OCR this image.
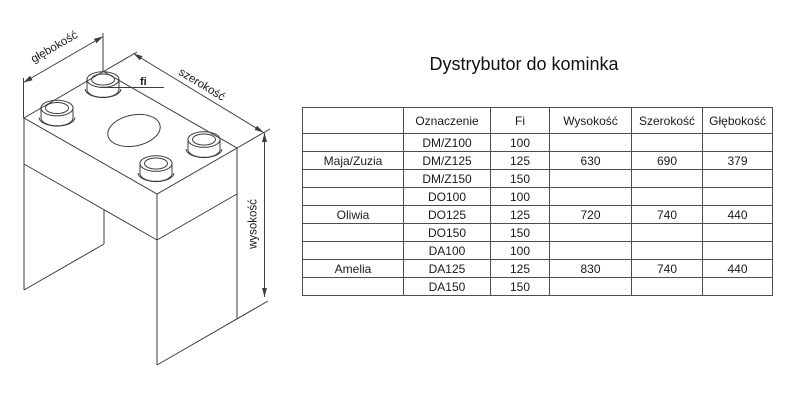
głębokość
szerokość
wysokość
fi
Dystrybutor do kominka
	Oznaczenie	Fi	Wysokość	Szerokość	Głębokość
	DM/Z100	100			
Maja/Zuzia	DM/Z125	125	630	690	379
	DM/Z150	150			
	DO100	100			
Oliwia	DO125	125	720	740	440
	DO150	150			
	DA100	100			
Amelia	DA125	125	830	740	440
	DA150	150			
